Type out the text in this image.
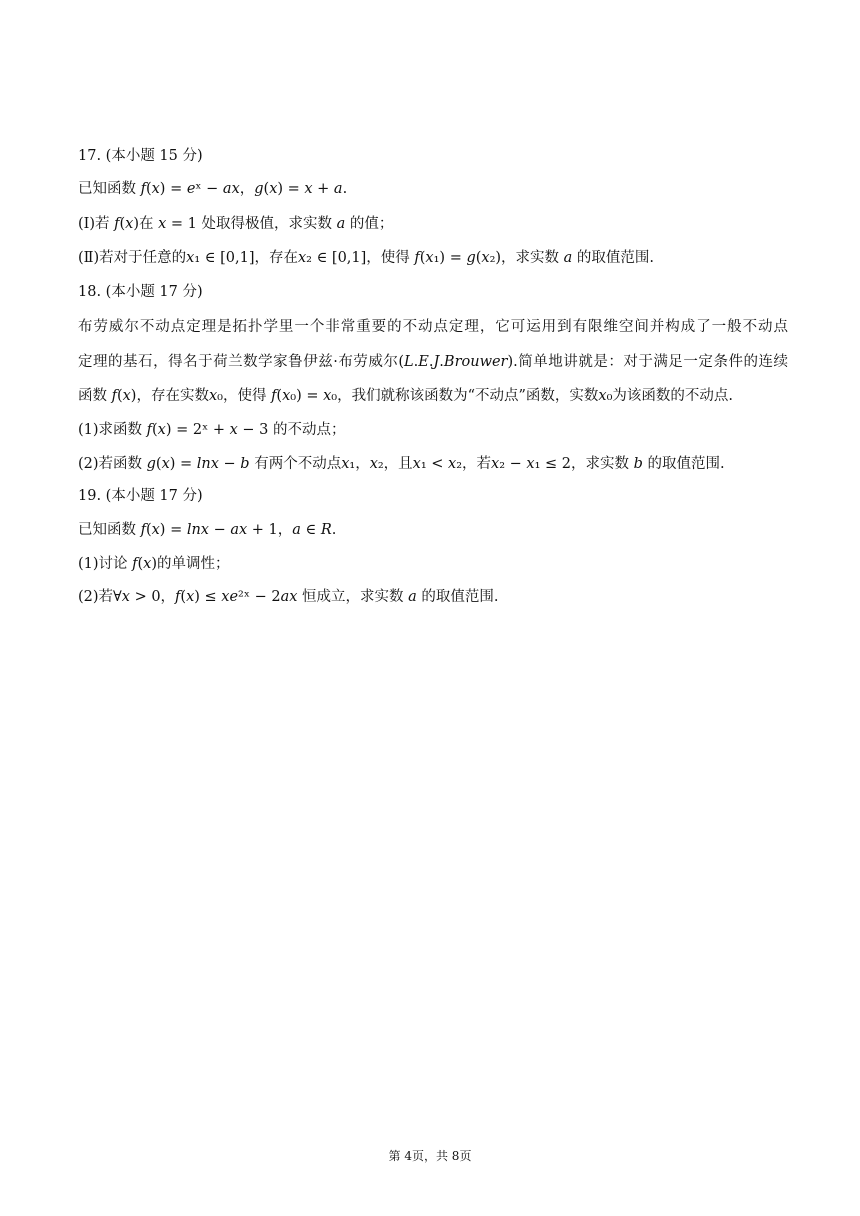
17. (本小题 15 分)
已知函数 𝑓(𝑥) = 𝑒ˣ − 𝑎𝑥，𝑔(𝑥) = 𝑥 + 𝑎.
(Ⅰ)若 𝑓(𝑥)在 𝑥 = 1 处取得极值，求实数 𝑎 的值；
(Ⅱ)若对于任意的𝑥₁ ∈ [0,1]，存在𝑥₂ ∈ [0,1]，使得 𝑓(𝑥₁) = 𝑔(𝑥₂)，求实数 𝑎 的取值范围.
18. (本小题 17 分)
布劳威尔不动点定理是拓扑学里一个非常重要的不动点定理，它可运用到有限维空间并构成了一般不动点
定理的基石，得名于荷兰数学家鲁伊兹·布劳威尔(𝐿.𝐸.𝐽.𝐵𝑟𝑜𝑢𝑤𝑒𝑟).简单地讲就是：对于满足一定条件的连续
函数 𝑓(𝑥)，存在实数𝑥₀，使得 𝑓(𝑥₀) = 𝑥₀，我们就称该函数为“不动点”函数，实数𝑥₀为该函数的不动点.
(1)求函数 𝑓(𝑥) = 2ˣ + 𝑥 − 3 的不动点；
(2)若函数 𝑔(𝑥) = 𝑙𝑛𝑥 − 𝑏 有两个不动点𝑥₁，𝑥₂，且𝑥₁ < 𝑥₂，若𝑥₂ − 𝑥₁ ≤ 2，求实数 𝑏 的取值范围.
19. (本小题 17 分)
已知函数 𝑓(𝑥) = 𝑙𝑛𝑥 − 𝑎𝑥 + 1，𝑎 ∈ 𝑅.
(1)讨论 𝑓(𝑥)的单调性；
(2)若∀𝑥 > 0，𝑓(𝑥) ≤ 𝑥𝑒²ˣ − 2𝑎𝑥 恒成立，求实数 𝑎 的取值范围.
第 4页，共 8页
